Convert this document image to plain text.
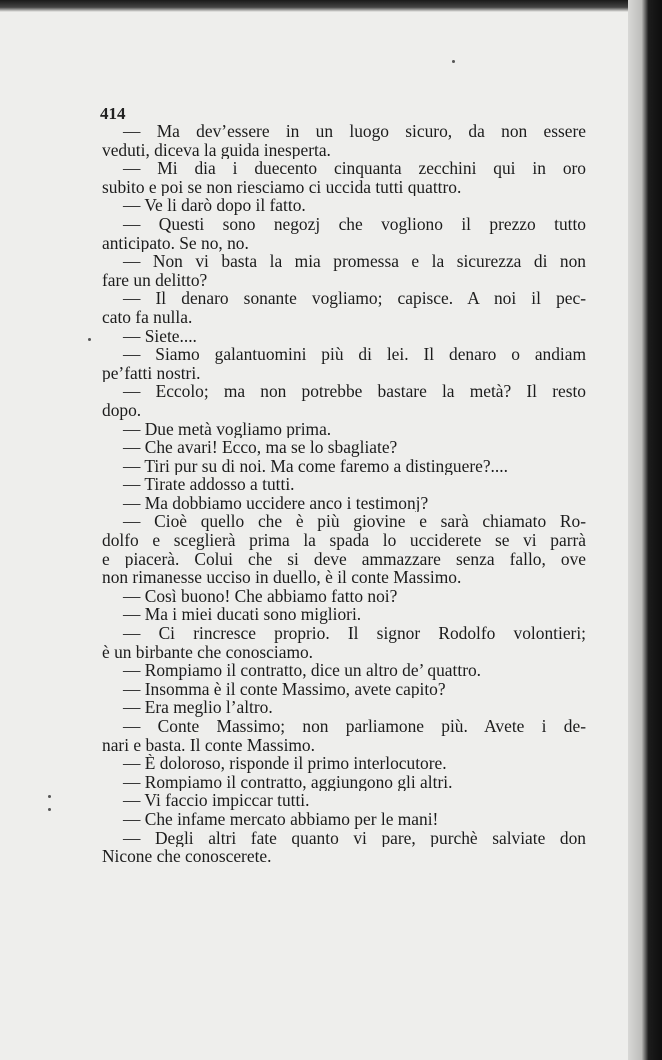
414
— Ma dev’essere in un luogo sicuro, da non essere
veduti, diceva la guida inesperta.
— Mi dia i duecento cinquanta zecchini qui in oro
subito e poi se non riesciamo ci uccida tutti quattro.
— Ve li darò dopo il fatto.
— Questi sono negozj che vogliono il prezzo tutto
anticipato. Se no, no.
— Non vi basta la mia promessa e la sicurezza di non
fare un delitto?
— Il denaro sonante vogliamo; capisce. A noi il pec-
cato fa nulla.
— Siete....
— Siamo galantuomini più di lei. Il denaro o andiam
pe’fatti nostri.
— Eccolo; ma non potrebbe bastare la metà? Il resto
dopo.
— Due metà vogliamo prima.
— Che avari! Ecco, ma se lo sbagliate?
— Tiri pur su di noi. Ma come faremo a distinguere?....
— Tirate addosso a tutti.
— Ma dobbiamo uccidere anco i testimonj?
— Cioè quello che è più giovine e sarà chiamato Ro-
dolfo e sceglierà prima la spada lo ucciderete se vi parrà
e piacerà. Colui che si deve ammazzare senza fallo, ove
non rimanesse ucciso in duello, è il conte Massimo.
— Così buono! Che abbiamo fatto noi?
— Ma i miei ducati sono migliori.
— Ci rincresce proprio. Il signor Rodolfo volontieri;
è un birbante che conosciamo.
— Rompiamo il contratto, dice un altro de’ quattro.
— Insomma è il conte Massimo, avete capito?
— Era meglio l’altro.
— Conte Massimo; non parliamone più. Avete i de-
nari e basta. Il conte Massimo.
— È doloroso, risponde il primo interlocutore.
— Rompiamo il contratto, aggiungono gli altri.
— Vi faccio impiccar tutti.
— Che infame mercato abbiamo per le mani!
— Degli altri fate quanto vi pare, purchè salviate don
Nicone che conoscerete.
